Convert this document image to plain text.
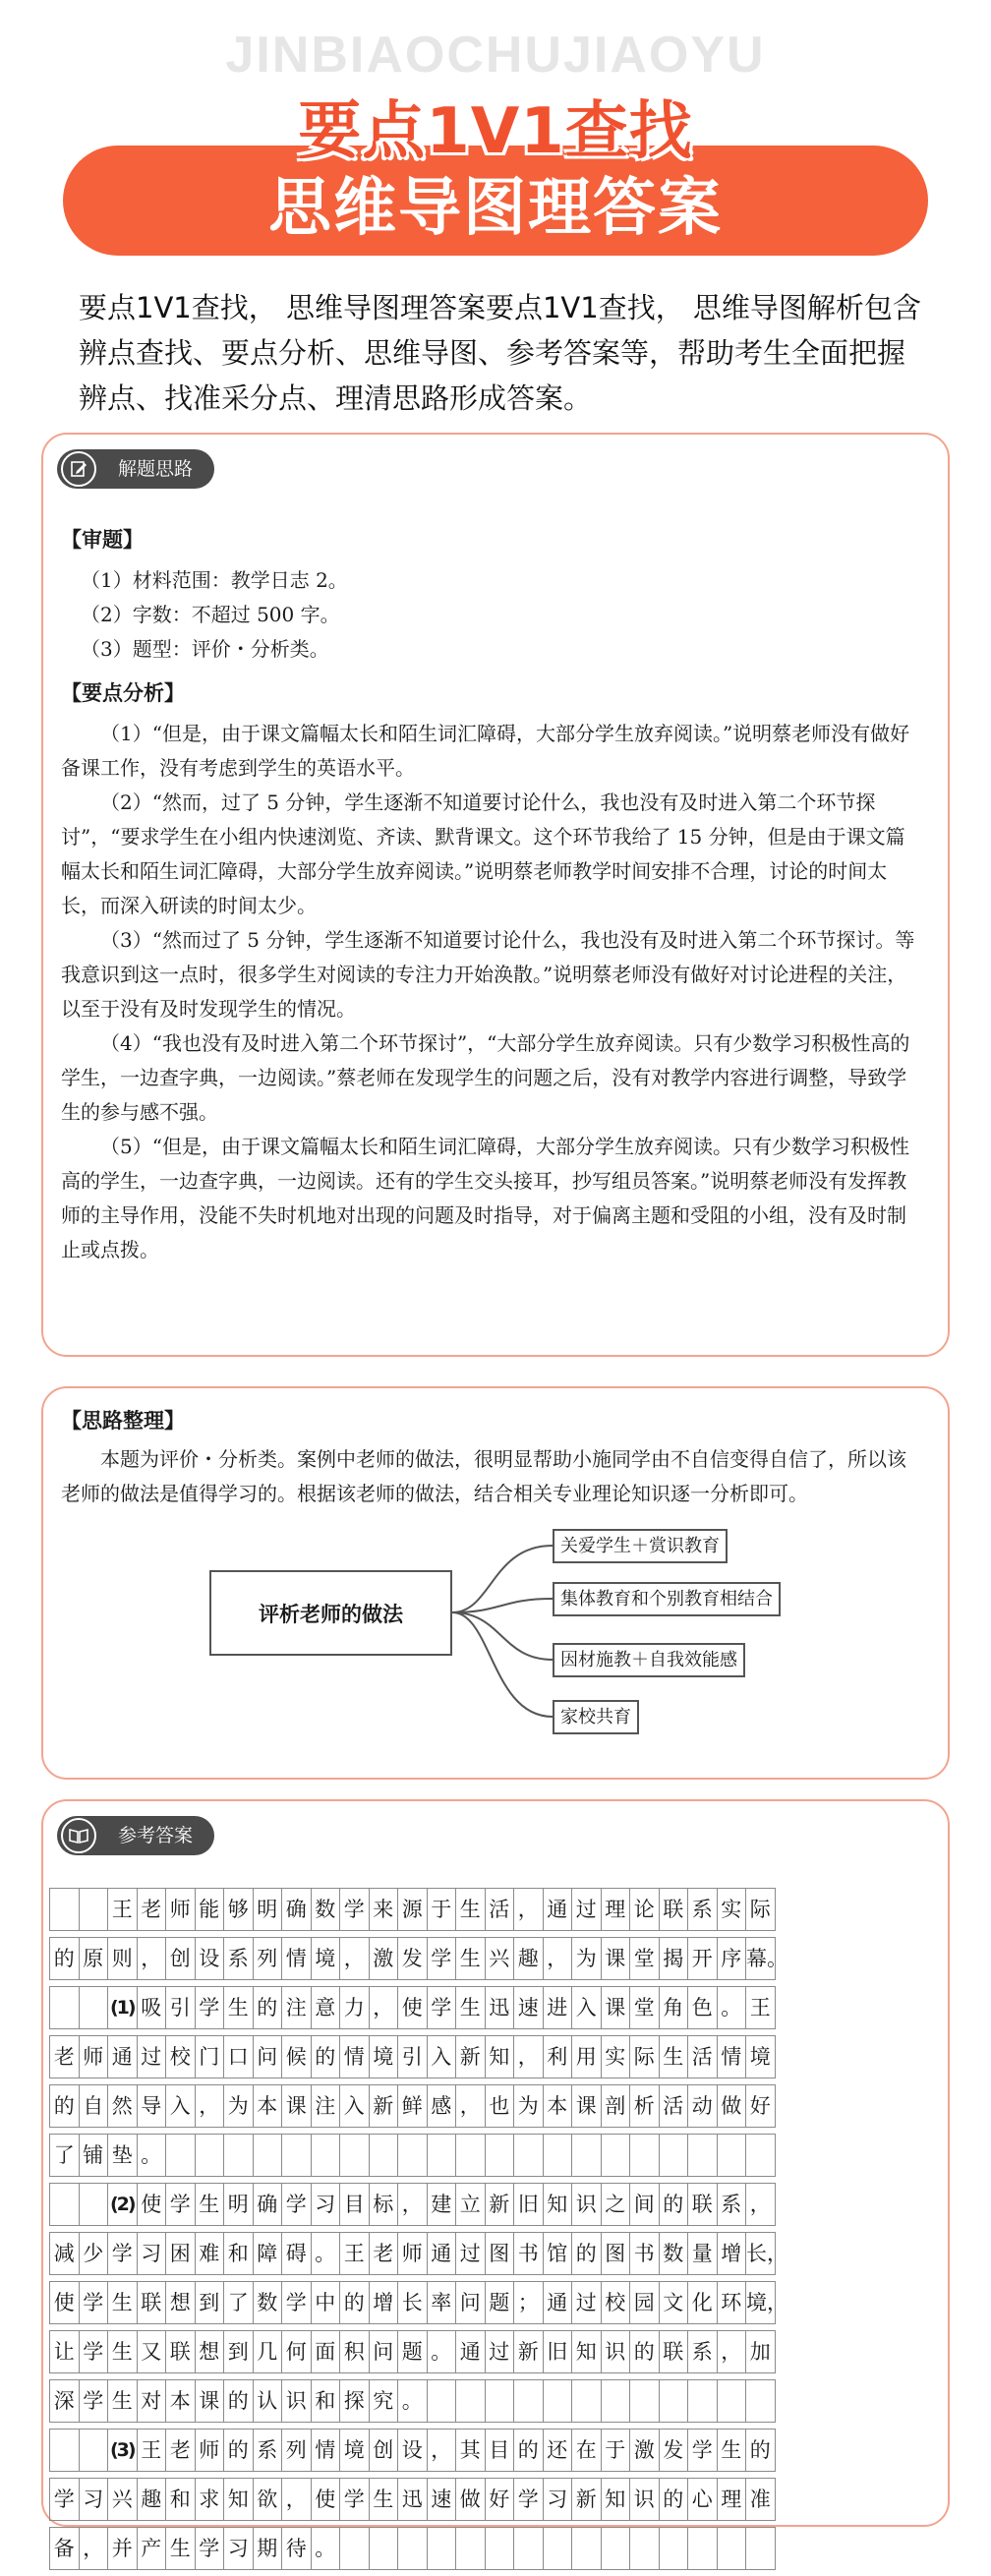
JINBIAOCHUJIAOYU
要点1V1查找
思维导图理答案
要点1V1查找， 思维导图理答案要点1V1查找， 思维导图解析包含辨点查找、要点分析、思维导图、参考答案等，帮助考生全面把握辨点、找准采分点、理清思路形成答案。
解题思路

【审题】

（1）材料范围：教学日志 2。

（2）字数：不超过 500 字。

（3）题型：评价・分析类。

【要点分析】

（1）“但是，由于课文篇幅太长和陌生词汇障碍，大部分学生放弃阅读。”说明蔡老师没有做好备课工作，没有考虑到学生的英语水平。

（2）“然而，过了 5 分钟，学生逐渐不知道要讨论什么，我也没有及时进入第二个环节探讨”，“要求学生在小组内快速浏览、齐读、默背课文。这个环节我给了 15 分钟，但是由于课文篇幅太长和陌生词汇障碍，大部分学生放弃阅读。”说明蔡老师教学时间安排不合理，讨论的时间太长，而深入研读的时间太少。

（3）“然而过了 5 分钟，学生逐渐不知道要讨论什么，我也没有及时进入第二个环节探讨。等我意识到这一点时，很多学生对阅读的专注力开始涣散。”说明蔡老师没有做好对讨论进程的关注，以至于没有及时发现学生的情况。

（4）“我也没有及时进入第二个环节探讨”，“大部分学生放弃阅读。只有少数学习积极性高的学生，一边查字典，一边阅读。”蔡老师在发现学生的问题之后，没有对教学内容进行调整，导致学生的参与感不强。

（5）“但是，由于课文篇幅太长和陌生词汇障碍，大部分学生放弃阅读。只有少数学习积极性高的学生，一边查字典，一边阅读。还有的学生交头接耳，抄写组员答案。”说明蔡老师没有发挥教师的主导作用，没能不失时机地对出现的问题及时指导，对于偏离主题和受阻的小组，没有及时制止或点拨。

【思路整理】

本题为评价・分析类。案例中老师的做法，很明显帮助小施同学由不自信变得自信了，所以该老师的做法是值得学习的。根据该老师的做法，结合相关专业理论知识逐一分析即可。

评析老师的做法
关爱学生＋赏识教育
集体教育和个别教育相结合
因材施教＋自我效能感
家校共育
参考答案
王 老 师 能 够 明 确 数 学 来 源 于 生 活 ， 通 过 理 论 联 系 实 际
的 原 则 ， 创 设 系 列 情 境 ， 激 发 学 生 兴 趣 ， 为 课 堂 揭 开 序 幕。
(1) 吸 引 学 生 的 注 意 力 ， 使 学 生 迅 速 进 入 课 堂 角 色 。 王
老 师 通 过 校 门 口 问 候 的 情 境 引 入 新 知 ， 利 用 实 际 生 活 情 境
的 自 然 导 入 ， 为 本 课 注 入 新 鲜 感 ， 也 为 本 课 剖 析 活 动 做 好
了 铺 垫 。
(2) 使 学 生 明 确 学 习 目 标 ， 建 立 新 旧 知 识 之 间 的 联 系 ，
减 少 学 习 困 难 和 障 碍 。 王 老 师 通 过 图 书 馆 的 图 书 数 量 增 长，
使 学 生 联 想 到 了 数 学 中 的 增 长 率 问 题 ； 通 过 校 园 文 化 环 境，
让 学 生 又 联 想 到 几 何 面 积 问 题 。 通 过 新 旧 知 识 的 联 系 ， 加
深 学 生 对 本 课 的 认 识 和 探 究 。
(3) 王 老 师 的 系 列 情 境 创 设 ， 其 目 的 还 在 于 激 发 学 生 的
学 习 兴 趣 和 求 知 欲 ， 使 学 生 迅 速 做 好 学 习 新 知 识 的 心 理 准
备 ， 并 产 生 学 习 期 待 。
